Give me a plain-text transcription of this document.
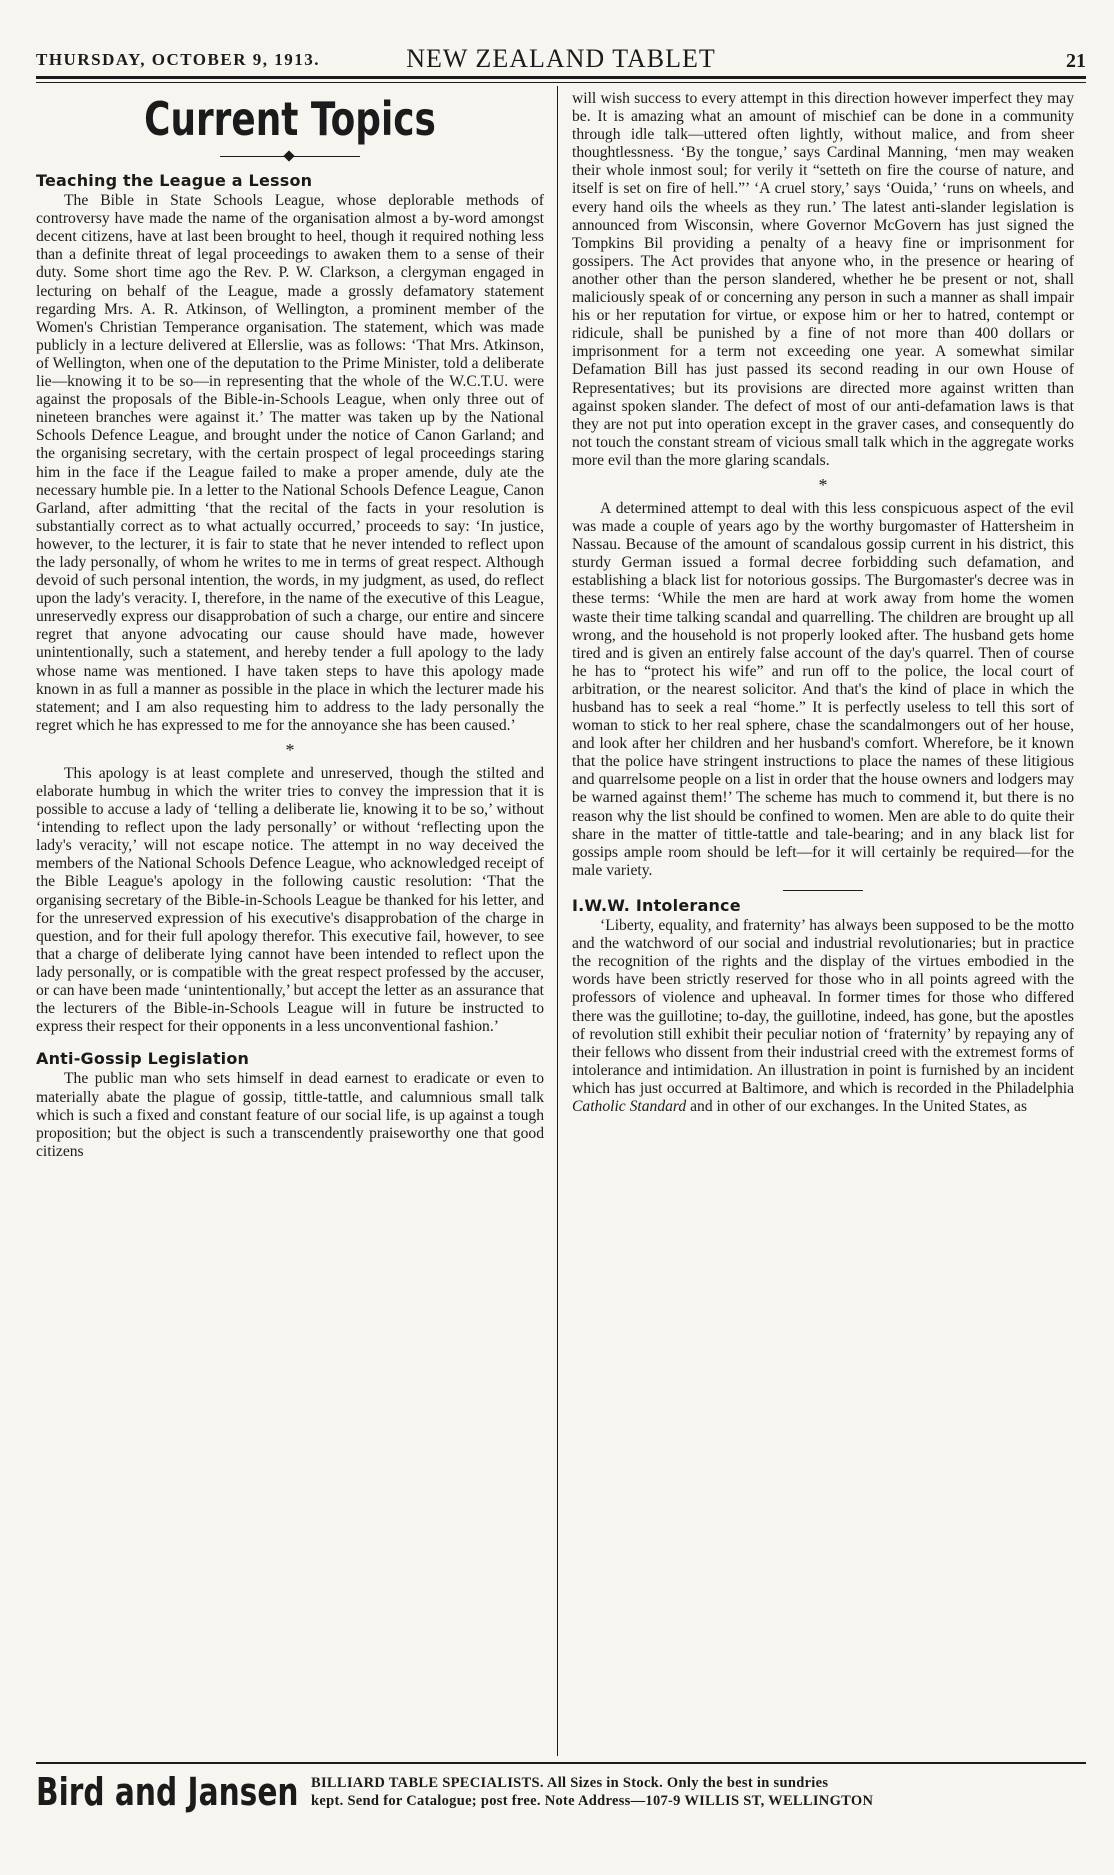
THURSDAY, OCTOBER 9, 1913.	NEW ZEALAND TABLET	21
Current Topics
Teaching the League a Lesson

The Bible in State Schools League, whose deplorable methods of controversy have made the name of the organisation almost a by-word amongst decent citizens, have at last been brought to heel, though it required nothing less than a definite threat of legal proceedings to awaken them to a sense of their duty. Some short time ago the Rev. P. W. Clarkson, a clergyman engaged in lecturing on behalf of the League, made a grossly defamatory statement regarding Mrs. A. R. Atkinson, of Wellington, a prominent member of the Women's Christian Temperance organisation. The statement, which was made publicly in a lecture delivered at Ellerslie, was as follows: ‘That Mrs. Atkinson, of Wellington, when one of the deputation to the Prime Minister, told a deliberate lie—knowing it to be so—in representing that the whole of the W.C.T.U. were against the proposals of the Bible-in-Schools League, when only three out of nineteen branches were against it.’ The matter was taken up by the National Schools Defence League, and brought under the notice of Canon Garland; and the organising secretary, with the certain prospect of legal proceedings staring him in the face if the League failed to make a proper amende, duly ate the necessary humble pie. In a letter to the National Schools Defence League, Canon Garland, after admitting ‘that the recital of the facts in your resolution is substantially correct as to what actually occurred,’ proceeds to say: ‘In justice, however, to the lecturer, it is fair to state that he never intended to reflect upon the lady personally, of whom he writes to me in terms of great respect. Although devoid of such personal intention, the words, in my judgment, as used, do reflect upon the lady's veracity. I, therefore, in the name of the executive of this League, unreservedly express our disapprobation of such a charge, our entire and sincere regret that anyone advocating our cause should have made, however unintentionally, such a statement, and hereby tender a full apology to the lady whose name was mentioned. I have taken steps to have this apology made known in as full a manner as possible in the place in which the lecturer made his statement; and I am also requesting him to address to the lady personally the regret which he has expressed to me for the annoyance she has been caused.’

*

This apology is at least complete and unreserved, though the stilted and elaborate humbug in which the writer tries to convey the impression that it is possible to accuse a lady of ‘telling a deliberate lie, knowing it to be so,’ without ‘intending to reflect upon the lady personally’ or without ‘reflecting upon the lady's veracity,’ will not escape notice. The attempt in no way deceived the members of the National Schools Defence League, who acknowledged receipt of the Bible League's apology in the following caustic resolution: ‘That the organising secretary of the Bible-in-Schools League be thanked for his letter, and for the unreserved expression of his executive's disapprobation of the charge in question, and for their full apology therefor. This executive fail, however, to see that a charge of deliberate lying cannot have been intended to reflect upon the lady personally, or is compatible with the great respect professed by the accuser, or can have been made ‘unintentionally,’ but accept the letter as an assurance that the lecturers of the Bible-in-Schools League will in future be instructed to express their respect for their opponents in a less unconventional fashion.’

Anti-Gossip Legislation

The public man who sets himself in dead earnest to eradicate or even to materially abate the plague of gossip, tittle-tattle, and calumnious small talk which is such a fixed and constant feature of our social life, is up against a tough proposition; but the object is such a transcendently praiseworthy one that good citizens

will wish success to every attempt in this direction however imperfect they may be. It is amazing what an amount of mischief can be done in a community through idle talk—uttered often lightly, without malice, and from sheer thoughtlessness. ‘By the tongue,’ says Cardinal Manning, ‘men may weaken their whole inmost soul; for verily it “setteth on fire the course of nature, and itself is set on fire of hell.”’ ‘A cruel story,’ says ‘Ouida,’ ‘runs on wheels, and every hand oils the wheels as they run.’ The latest anti-slander legislation is announced from Wisconsin, where Governor McGovern has just signed the Tompkins Bil providing a penalty of a heavy fine or imprisonment for gossipers. The Act provides that anyone who, in the presence or hearing of another other than the person slandered, whether he be present or not, shall maliciously speak of or concerning any person in such a manner as shall impair his or her reputation for virtue, or expose him or her to hatred, contempt or ridicule, shall be punished by a fine of not more than 400 dollars or imprisonment for a term not exceeding one year. A somewhat similar Defamation Bill has just passed its second reading in our own House of Representatives; but its provisions are directed more against written than against spoken slander. The defect of most of our anti-defamation laws is that they are not put into operation except in the graver cases, and consequently do not touch the constant stream of vicious small talk which in the aggregate works more evil than the more glaring scandals.

*

A determined attempt to deal with this less conspicuous aspect of the evil was made a couple of years ago by the worthy burgomaster of Hattersheim in Nassau. Because of the amount of scandalous gossip current in his district, this sturdy German issued a formal decree forbidding such defamation, and establishing a black list for notorious gossips. The Burgomaster's decree was in these terms: ‘While the men are hard at work away from home the women waste their time talking scandal and quarrelling. The children are brought up all wrong, and the household is not properly looked after. The husband gets home tired and is given an entirely false account of the day's quarrel. Then of course he has to “protect his wife” and run off to the police, the local court of arbitration, or the nearest solicitor. And that's the kind of place in which the husband has to seek a real “home.” It is perfectly useless to tell this sort of woman to stick to her real sphere, chase the scandalmongers out of her house, and look after her children and her husband's comfort. Wherefore, be it known that the police have stringent instructions to place the names of these litigious and quarrelsome people on a list in order that the house owners and lodgers may be warned against them!’ The scheme has much to commend it, but there is no reason why the list should be confined to women. Men are able to do quite their share in the matter of tittle-tattle and tale-bearing; and in any black list for gossips ample room should be left—for it will certainly be required—for the male variety.

I.W.W. Intolerance

‘Liberty, equality, and fraternity’ has always been supposed to be the motto and the watchword of our social and industrial revolutionaries; but in practice the recognition of the rights and the display of the virtues embodied in the words have been strictly reserved for those who in all points agreed with the professors of violence and upheaval. In former times for those who differed there was the guillotine; to-day, the guillotine, indeed, has gone, but the apostles of revolution still exhibit their peculiar notion of ‘fraternity’ by repaying any of their fellows who dissent from their industrial creed with the extremest forms of intolerance and intimidation. An illustration in point is furnished by an incident which has just occurred at Baltimore, and which is recorded in the Philadelphia Catholic Standard and in other of our exchanges. In the United States, as

Bird and Jansen BILLIARD TABLE SPECIALISTS. All Sizes in Stock. Only the best in sundries
kept. Send for Catalogue; post free. Note Address—107-9 WILLIS ST, WELLINGTON
